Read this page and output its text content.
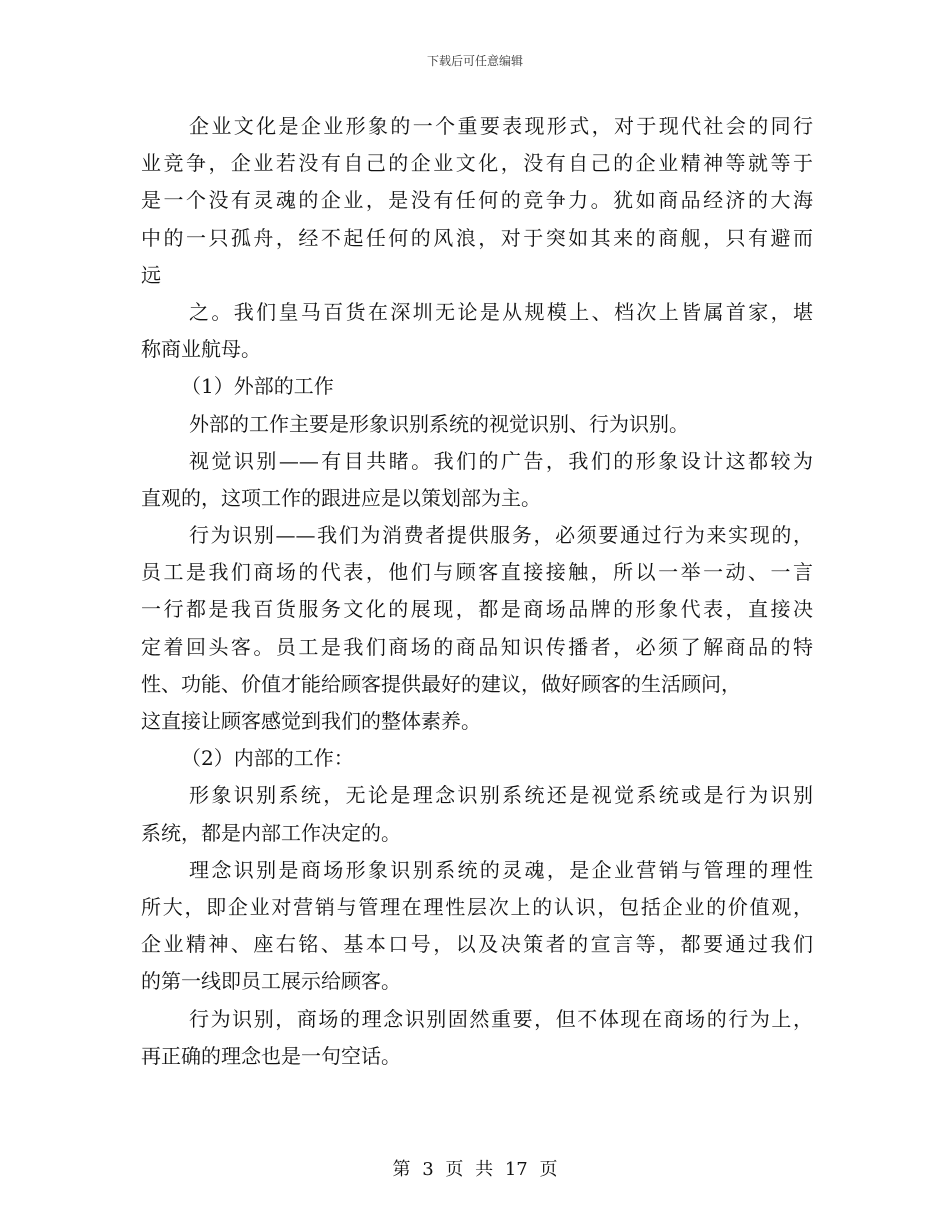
下载后可任意编辑
企业文化是企业形象的一个重要表现形式，对于现代社会的同行
业竞争，企业若没有自己的企业文化，没有自己的企业精神等就等于
是一个没有灵魂的企业，是没有任何的竞争力。犹如商品经济的大海
中的一只孤舟，经不起任何的风浪，对于突如其来的商舰，只有避而
远
之。我们皇马百货在深圳无论是从规模上、档次上皆属首家，堪
称商业航母。
（1）外部的工作
外部的工作主要是形象识别系统的视觉识别、行为识别。
视觉识别——有目共睹。我们的广告，我们的形象设计这都较为
直观的，这项工作的跟进应是以策划部为主。
行为识别——我们为消费者提供服务，必须要通过行为来实现的，
员工是我们商场的代表，他们与顾客直接接触，所以一举一动、一言
一行都是我百货服务文化的展现，都是商场品牌的形象代表，直接决
定着回头客。员工是我们商场的商品知识传播者，必须了解商品的特
性、功能、价值才能给顾客提供最好的建议，做好顾客的生活顾问，
这直接让顾客感觉到我们的整体素养。
（2）内部的工作：
形象识别系统，无论是理念识别系统还是视觉系统或是行为识别
系统，都是内部工作决定的。
理念识别是商场形象识别系统的灵魂，是企业营销与管理的理性
所大，即企业对营销与管理在理性层次上的认识，包括企业的价值观，
企业精神、座右铭、基本口号，以及决策者的宣言等，都要通过我们
的第一线即员工展示给顾客。
行为识别，商场的理念识别固然重要，但不体现在商场的行为上，
再正确的理念也是一句空话。
第 3 页 共 17 页
